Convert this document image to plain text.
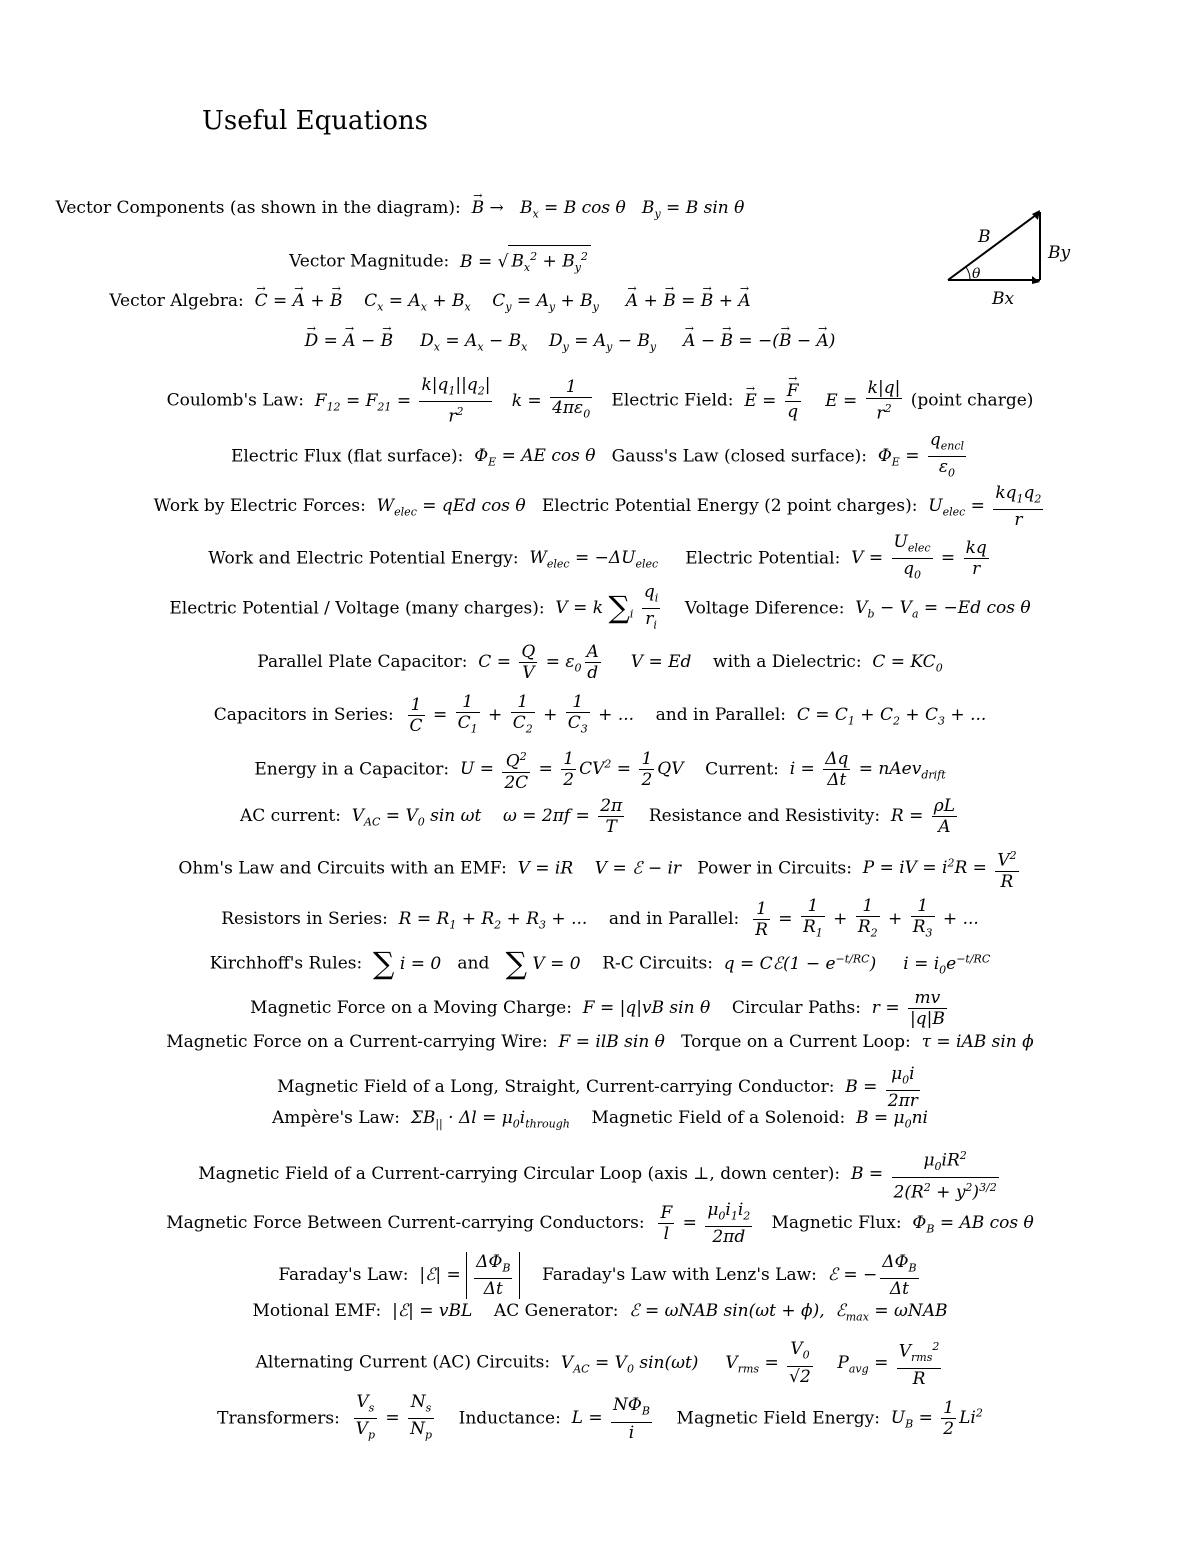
Useful Equations
B
By
Bx
θ
Vector Components (as shown in the diagram): B → →   $B_x = B$ cos θ   $B_y = B$ sin θ
Vector Magnitude:  B = √ $B_x^2 + B_y^2$
Vector Algebra: C → = A → + B →    $C_x = A_x + B_x$    $C_y = A_y + B_y$ A → + B → = B → + A →
D → = A → − B →     $D_x = A_x - B_x$    $D_y = A_y - B_y$ A → − B → = −(B → − A →)
Coulomb's Law:  $F_{12} = F_{21} = \frac{k|q_1||q_2|}{r^2}$ $k = \frac{1}{4\pi\varepsilon_0}$ Electric Field: E → = $\frac{F \to}{q}$ $E = \frac{k|q|}{r^2}$ (point charge)
Electric Flux (flat surface):  $\Phi_E$ = AE cos θ Gauss's Law (closed surface):  $\Phi_E = \frac{q_{encl}}{\varepsilon_0}$
Work by Electric Forces:  $W_{elec}$ = qEd cos θ Electric Potential Energy (2 point charges):  $U_{elec} = \frac{kq_1q_2}{r}$
Work and Electric Potential Energy:  $W_{elec} = -\Delta U_{elec}$ Electric Potential:  $V = \frac{U_{elec}}{q_0} = \frac{kq}{r}$
Electric Potential / Voltage (many charges):  V = k $\sum_i \frac{q_i}{r_i}$ Voltage Diference:  $V_b - V_a = -Ed$ cos θ
Parallel Plate Capacitor:  $C = \frac{Q}{V} = \varepsilon_0 \frac{A}{d}$ V = Ed with a Dielectric:  $C = KC_0$
Capacitors in Series: $\frac{1}{C} = \frac{1}{C_1} + \frac{1}{C_2} + \frac{1}{C_3}$ + ... and in Parallel:  $C = C_1 + C_2 + C_3$ + ...
Energy in a Capacitor:  $U = \frac{Q^2}{2C} = \frac{1}{2} CV^2 = \frac{1}{2}$ QV Current:  $i = \frac{\Delta q}{\Delta t}$ = nAev$_{drift}$
AC current:  $V_{AC} = V_0$ sin ωt    $\omega = 2\pi f = \frac{2\pi}{T}$ Resistance and Resistivity:  $R = \frac{\rho L}{A}$
Ohm's Law and Circuits with an EMF:  V = iR    V = ℰ − ir Power in Circuits:  P = iV = $i^2R = \frac{V^2}{R}$
Resistors in Series:  $R = R_1 + R_2 + R_3$ + ... and in Parallel: $\frac{1}{R} = \frac{1}{R_1} + \frac{1}{R_2} + \frac{1}{R_3}$ + ...
Kirchhoff's Rules: ∑ i = 0 and ∑ V = 0 R-C Circuits:  q = Cℰ(1 − $e^{-t/RC}$)     $i = i_0e^{-t/RC}$
Magnetic Force on a Moving Charge:  F = |q|vB sin θ Circular Paths:  $r = \frac{mv}{|q|B}$
Magnetic Force on a Current-carrying Wire:  F = ilB sin θ Torque on a Current Loop:  τ = iAB sin ϕ
Magnetic Field of a Long, Straight, Current-carrying Conductor:  $B = \frac{\mu_0i}{2\pi r}$
Ampère's Law:  $\Sigma B_{||} \cdot \Delta l = \mu_0i_{through}$ Magnetic Field of a Solenoid:  $B = \mu_0ni$
Magnetic Field of a Current-carrying Circular Loop (axis ⊥, down center):  $B = \frac{\mu_0iR^2}{2(R^2 + y^2)^{3/2}}$
Magnetic Force Between Current-carrying Conductors: $\frac{F}{l} = \frac{\mu_0i_1i_2}{2\pi d}$ Magnetic Flux:  $\Phi_B$ = AB cos θ
Faraday's Law:  |ℰ| = $\frac{\Delta\Phi_B}{\Delta t}$ Faraday's Law with Lenz's Law:  ℰ = − $\frac{\Delta\Phi_B}{\Delta t}$
Motional EMF:  |ℰ| = vBL AC Generator:  ℰ = ωNAB sin(ωt + ϕ),  ℰ$_{max}$ = ωNAB
Alternating Current (AC) Circuits:  $V_{AC} = V_0$ sin(ωt)     $V_{rms} = \frac{V_0}{√2} P_{avg} = \frac{V_{rms}^2}{R}$
Transformers: $\frac{V_s}{V_p} = \frac{N_s}{N_p}$ Inductance:  $L = \frac{N\Phi_B}{i}$ Magnetic Field Energy:  $U_B = \frac{1}{2} Li^2$
